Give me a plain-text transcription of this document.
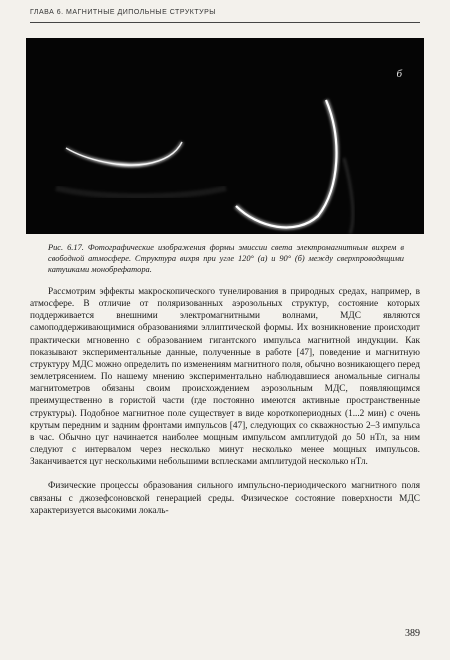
ГЛАВА 6. МАГНИТНЫЕ ДИПОЛЬНЫЕ СТРУКТУРЫ
б
Рис. 6.17. Фотографические изображения формы эмиссии света электромагнитным вихрем в свободной атмосфере. Структура вихря при угле 120° (а) и 90° (б) между сверхпроводящими катушками монобрефатора.

Рассмотрим эффекты макроскопического тунелирования в природных средах, например, в атмосфере. В отличие от поляризованных аэрозольных структур, состояние которых поддерживается внешними электромагнитными волнами, МДС являются самоподдерживающимися образованиями эллиптической формы. Их возникновение происходит практически мгновенно с образованием гигантского импульса магнитной индукции. Как показывают экспериментальные данные, полученные в работе [47], поведение и магнитную структуру МДС можно определить по изменениям магнитного поля, обычно возникающего перед землетрясением. По нашему мнению экспериментально наблюдавшиеся аномальные сигналы магнитометров обязаны своим происхождением аэрозольным МДС, появляющимся преимущественно в гористой части (где постоянно имеются активные пространственные структуры). Подобное магнитное поле существует в виде короткопериодных (1...2 мин) с очень крутым передним и задним фронтами импульсов [47], следующих со скважностью 2–3 импульса в час. Обычно цуг начинается наиболее мощным импульсом амплитудой до 50 нТл, за ним следуют с интервалом через несколько минут несколько менее мощных импульсов. Заканчивается цуг несколькими небольшими всплесками амплитудой несколько нТл.

Физические процессы образования сильного импульсно-периодического магнитного поля связаны с джозефсоновской генерацией среды. Физическое состояние поверхности МДС характеризуется высокими локаль-

389
